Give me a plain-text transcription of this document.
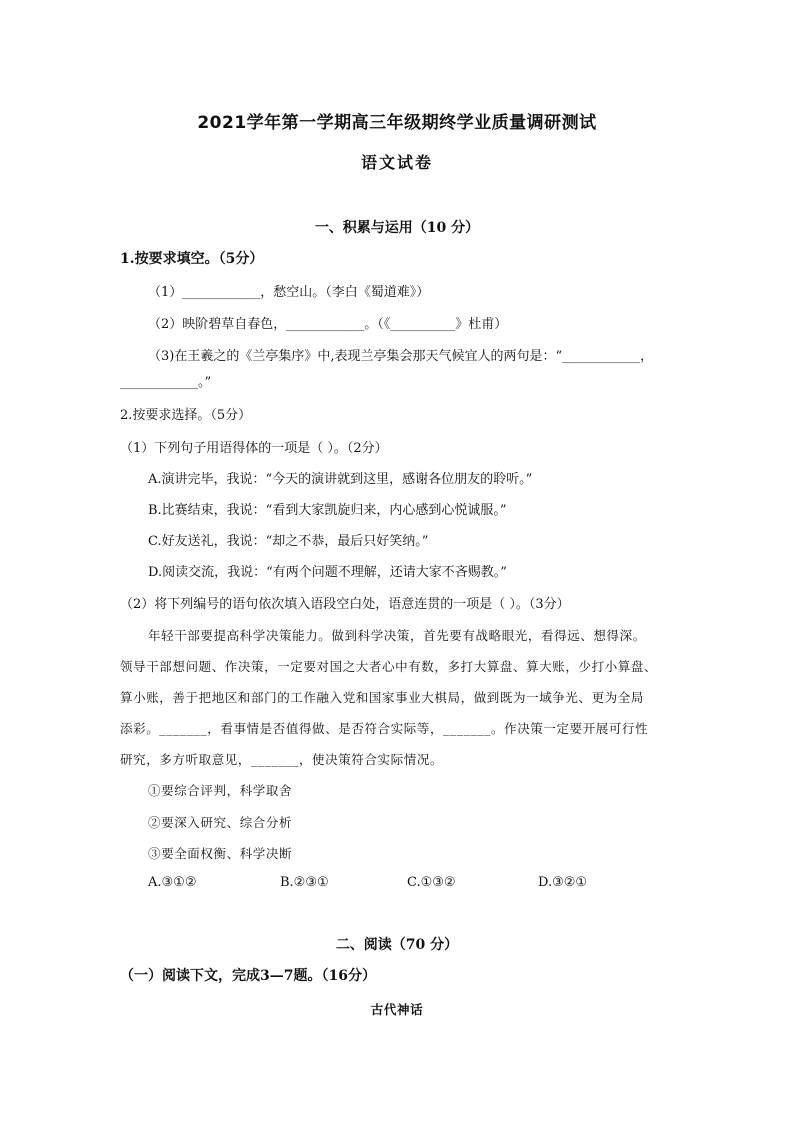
2021学年第一学期高三年级期终学业质量调研测试
语文试卷
一、积累与运用（10 分）
1.按要求填空。（5分）
（1）____________，愁空山。（李白《蜀道难》）
（2）映阶碧草自春色，____________。（《__________》杜甫）
（3)在王羲之的《兰亭集序》中,表现兰亭集会那天气候宜人的两句是：“____________，
____________。”
2.按要求选择。（5分）
（1）下列句子用语得体的一项是（ ）。（2分）
A.演讲完毕，我说：“今天的演讲就到这里，感谢各位朋友的聆听。”
B.比赛结束，我说：“看到大家凯旋归来，内心感到心悦诚服。”
C.好友送礼，我说：“却之不恭，最后只好笑纳。”
D.阅读交流，我说：“有两个问题不理解，还请大家不吝赐教。”
（2）将下列编号的语句依次填入语段空白处，语意连贯的一项是（ ）。（3分）
年轻干部要提高科学决策能力。做到科学决策，首先要有战略眼光，看得远、想得深。
领导干部想问题、作决策，一定要对国之大者心中有数，多打大算盘、算大账，少打小算盘、
算小账，善于把地区和部门的工作融入党和国家事业大棋局，做到既为一域争光、更为全局
添彩。_______，看事情是否值得做、是否符合实际等，_______。作决策一定要开展可行性
研究，多方听取意见，_______，使决策符合实际情况。
①要综合评判，科学取舍
②要深入研究、综合分析
③要全面权衡、科学决断
A.③①②	B.②③①	C.①③②	D.③②①
二、阅读（70 分）
（一）阅读下文，完成3—7题。（16分）
古代神话
